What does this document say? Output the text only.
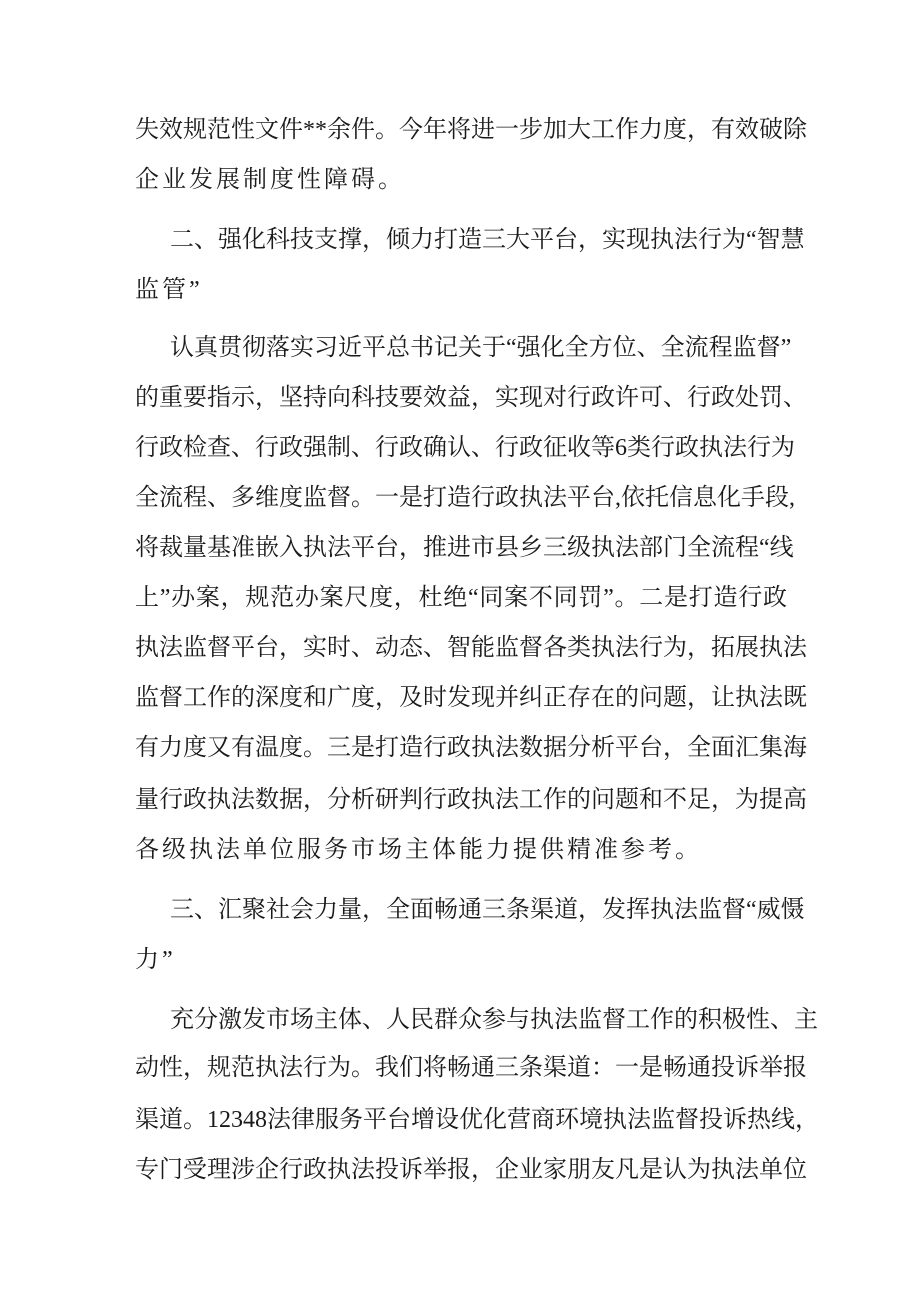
失效规范性文件**余件。今年将进一步加大工作力度，有效破除
企业发展制度性障碍。
二、强化科技支撑，倾力打造三大平台，实现执法行为“智慧
监管”
认真贯彻落实习近平总书记关于“强化全方位、全流程监督”
的重要指示，坚持向科技要效益，实现对行政许可、行政处罚、
行政检查、行政强制、行政确认、行政征收等6类行政执法行为
全流程、多维度监督。一是打造行政执法平台,依托信息化手段,
将裁量基准嵌入执法平台，推进市县乡三级执法部门全流程“线
上”办案，规范办案尺度，杜绝“同案不同罚”。二是打造行政
执法监督平台，实时、动态、智能监督各类执法行为，拓展执法
监督工作的深度和广度，及时发现并纠正存在的问题，让执法既
有力度又有温度。三是打造行政执法数据分析平台，全面汇集海
量行政执法数据，分析研判行政执法工作的问题和不足，为提高
各级执法单位服务市场主体能力提供精准参考。
三、汇聚社会力量，全面畅通三条渠道，发挥执法监督“威慑
力”
充分激发市场主体、人民群众参与执法监督工作的积极性、主
动性，规范执法行为。我们将畅通三条渠道：一是畅通投诉举报
渠道。12348法律服务平台增设优化营商环境执法监督投诉热线，
专门受理涉企行政执法投诉举报，企业家朋友凡是认为执法单位
